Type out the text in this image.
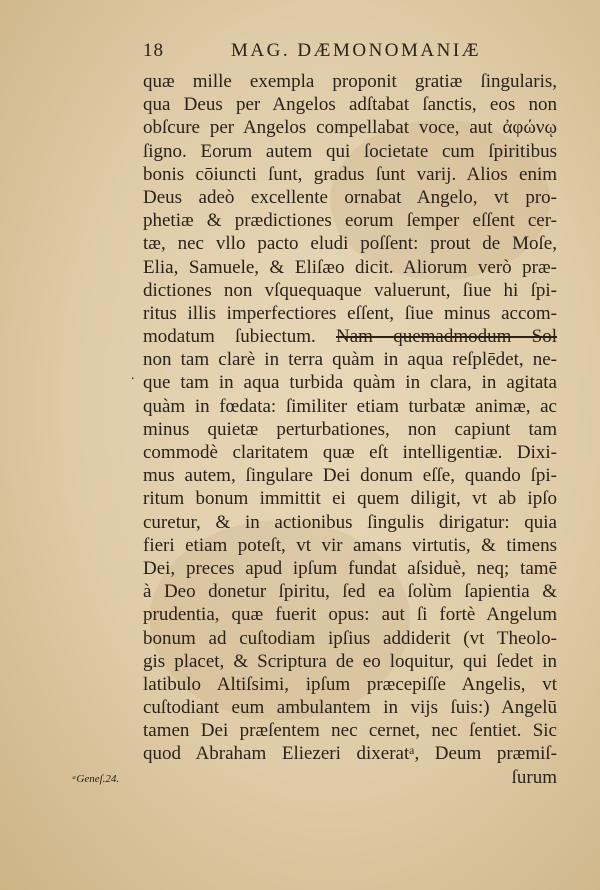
18	MAG. DÆMONOMANIÆ
.
ᵃGeneſ.24.
quæ mille exempla proponit gratiæ ſingularis,
qua Deus per Angelos adſtabat ſanctis, eos non
obſcure per Angelos compellabat voce, aut ἀφώνῳ
ſigno. Eorum autem qui ſocietate cum ſpiritibus
bonis cōiuncti ſunt, gradus ſunt varij. Alios enim
Deus adeò excellente ornabat Angelo, vt pro-
phetiæ & prædictiones eorum ſemper eſſent cer-
tæ, nec vllo pacto eludi poſſent: prout de Moſe,
Elia, Samuele, & Eliſæo dicit. Aliorum verò præ-
dictiones non vſquequaque valuerunt, ſiue hi ſpi-
ritus illis imperfectiores eſſent, ſiue minus accom-
modatum ſubiectum. Nam quemadmodum Sol
non tam clarè in terra quàm in aqua reſplēdet, ne-
que tam in aqua turbida quàm in clara, in agitata
quàm in fœdata: ſimiliter etiam turbatæ animæ, ac
minus quietæ perturbationes, non capiunt tam
commodè claritatem quæ eſt intelligentiæ. Dixi-
mus autem, ſingulare Dei donum eſſe, quando ſpi-
ritum bonum immittit ei quem diligit, vt ab ipſo
curetur, & in actionibus ſingulis dirigatur: quia
fieri etiam poteſt, vt vir amans virtutis, & timens
Dei, preces apud ipſum fundat aſsiduè, neq; tamē
à Deo donetur ſpiritu, ſed ea ſolùm ſapientia &
prudentia, quæ fuerit opus: aut ſi fortè Angelum
bonum ad cuſtodiam ipſius addiderit (vt Theolo-
gis placet, & Scriptura de eo loquitur, qui ſedet in
latibulo Altiſsimi, ipſum præcepiſſe Angelis, vt
cuſtodiant eum ambulantem in vijs ſuis:) Angelū
tamen Dei præſentem nec cernet, nec ſentiet. Sic
quod Abraham Eliezeri dixeratᵃ, Deum præmiſ-
ſurum
